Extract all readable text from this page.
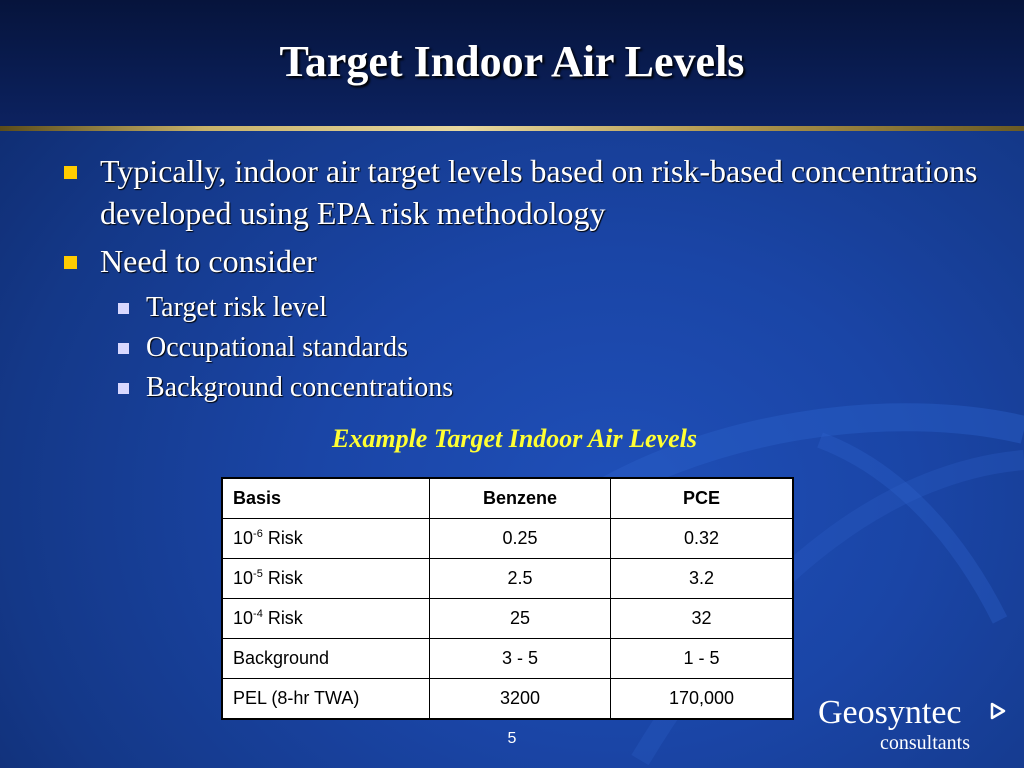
Target Indoor Air Levels
Typically, indoor air target levels based on risk-based concentrations developed using EPA risk methodology
Need to consider
Target risk level
Occupational standards
Background concentrations
Example Target Indoor Air Levels
Basis	Benzene	PCE
$10^{-6}$ Risk	0.25	0.32
$10^{-5}$ Risk	2.5	3.2
$10^{-4}$ Risk	25	32
Background	3 - 5	1 - 5
PEL (8-hr TWA)	3200	170,000
5
Geosyntec
consultants
